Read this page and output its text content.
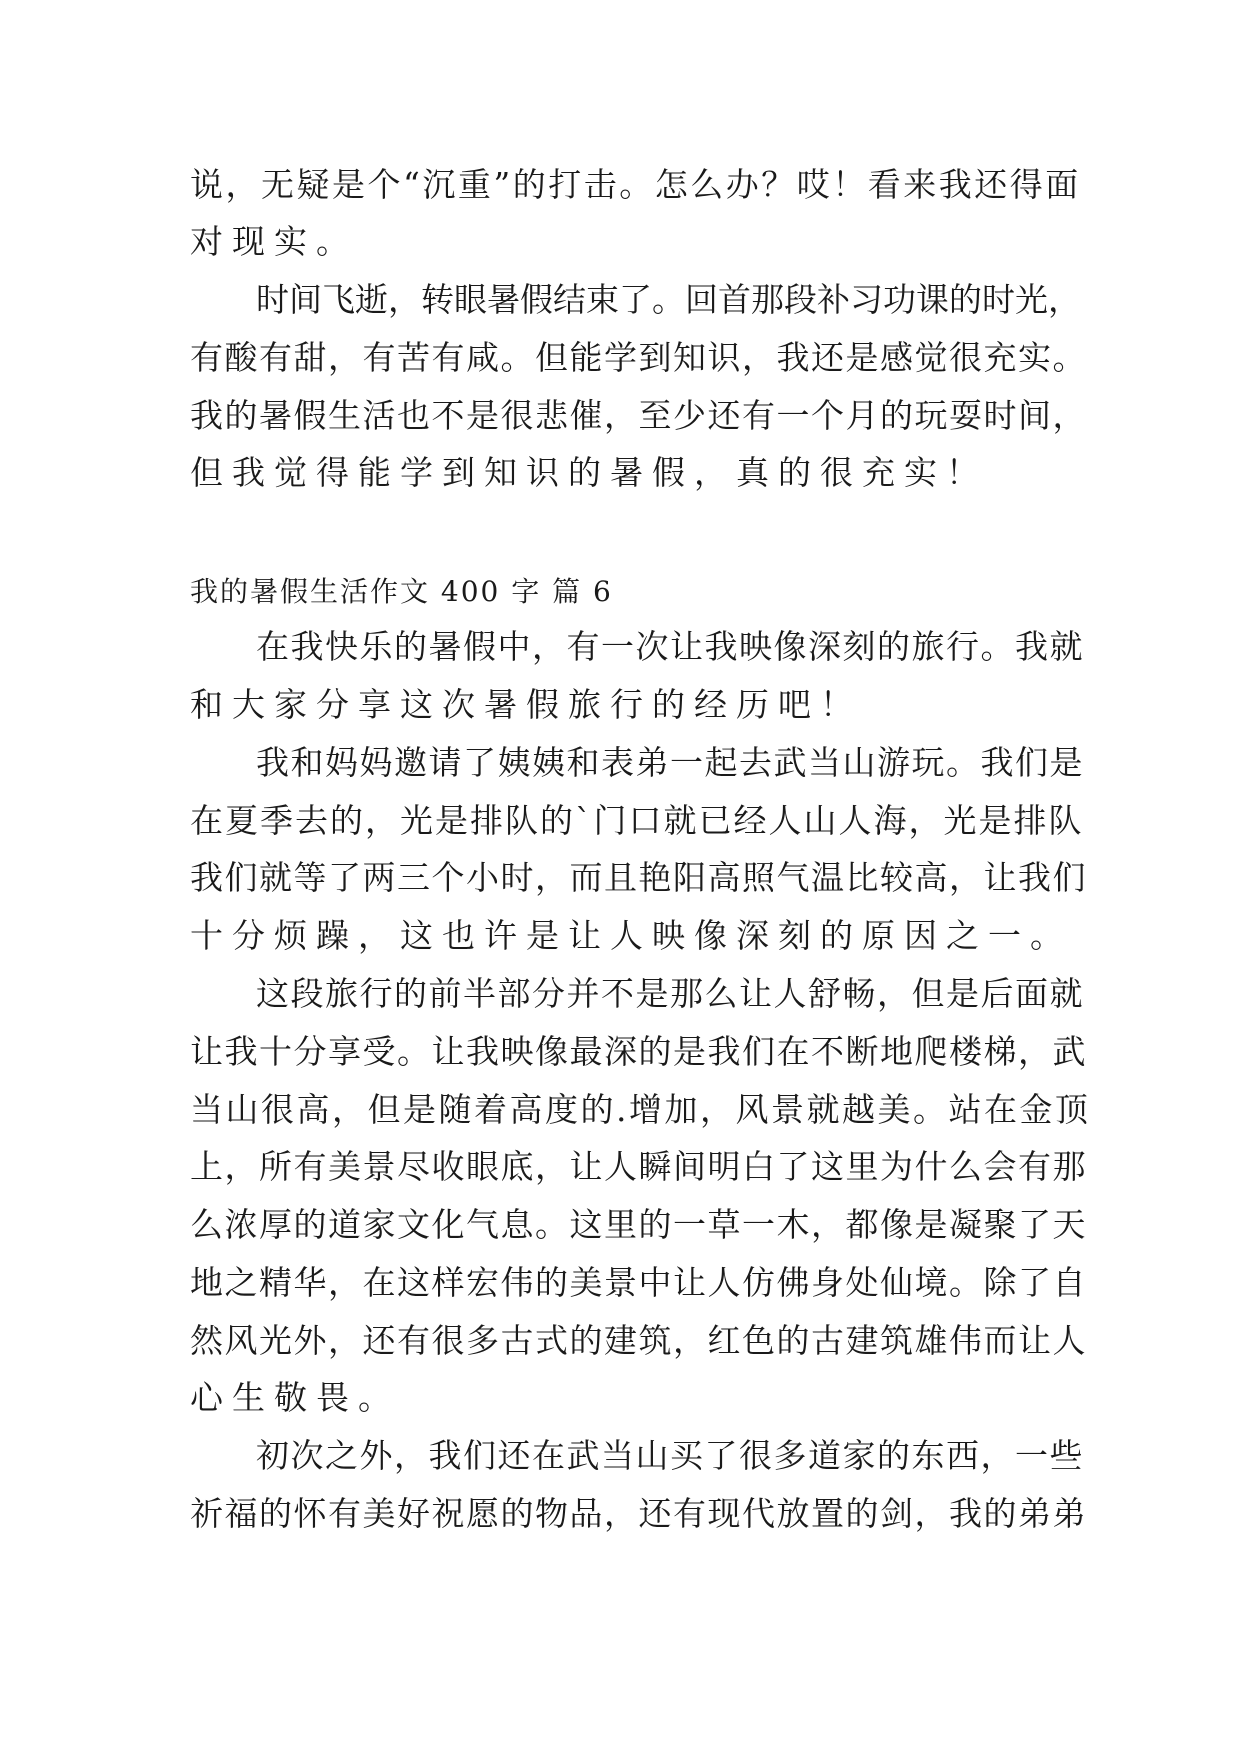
说，无疑是个“沉重”的打击。怎么办？哎！看来我还得面
对现实。
时间飞逝，转眼暑假结束了。回首那段补习功课的时光，
有酸有甜，有苦有咸。但能学到知识，我还是感觉很充实。
我的暑假生活也不是很悲催，至少还有一个月的玩耍时间，
但我觉得能学到知识的暑假，真的很充实！
我的暑假生活作文 400 字 篇 6
在我快乐的暑假中，有一次让我映像深刻的旅行。我就
和大家分享这次暑假旅行的经历吧！
我和妈妈邀请了姨姨和表弟一起去武当山游玩。我们是
在夏季去的，光是排队的`门口就已经人山人海，光是排队
我们就等了两三个小时，而且艳阳高照气温比较高，让我们
十分烦躁，这也许是让人映像深刻的原因之一。
这段旅行的前半部分并不是那么让人舒畅，但是后面就
让我十分享受。让我映像最深的是我们在不断地爬楼梯，武
当山很高，但是随着高度的.增加，风景就越美。站在金顶
上，所有美景尽收眼底，让人瞬间明白了这里为什么会有那
么浓厚的道家文化气息。这里的一草一木，都像是凝聚了天
地之精华，在这样宏伟的美景中让人仿佛身处仙境。除了自
然风光外，还有很多古式的建筑，红色的古建筑雄伟而让人
心生敬畏。
初次之外，我们还在武当山买了很多道家的东西，一些
祈福的怀有美好祝愿的物品，还有现代放置的剑，我的弟弟
